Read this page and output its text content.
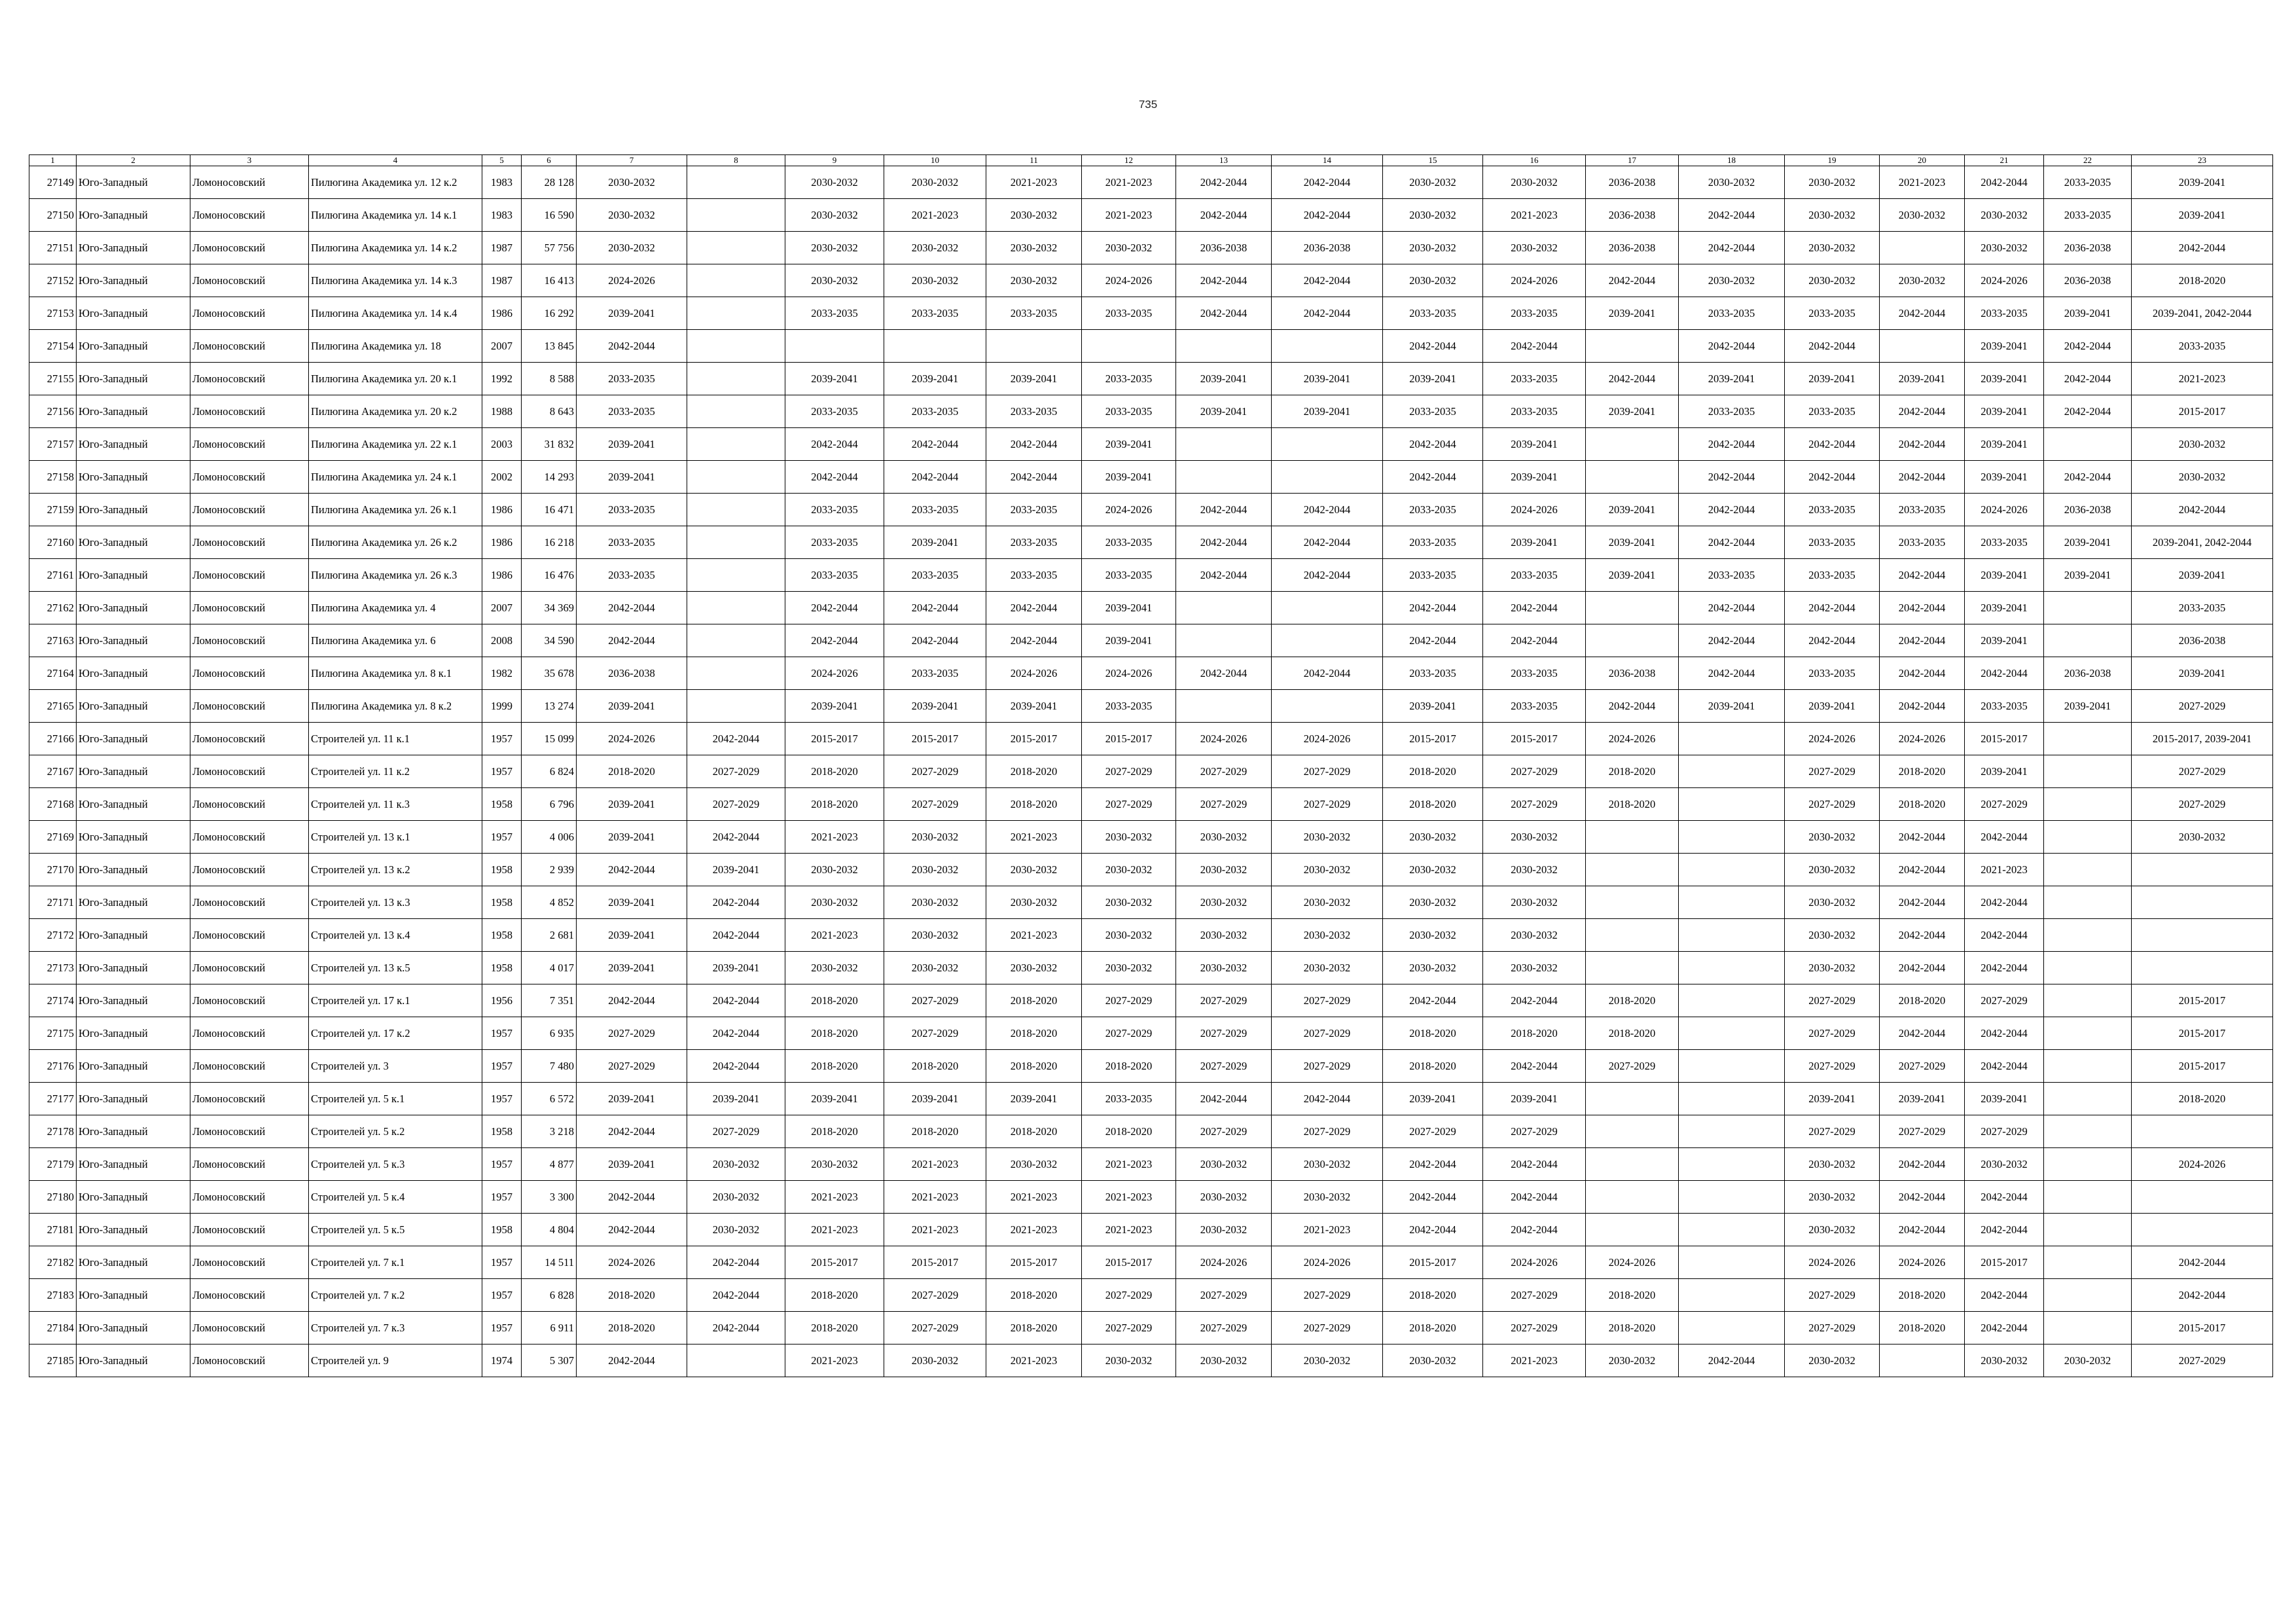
735
1	2	3	4	5	6	7	8	9	10	11	12	13	14	15	16	17	18	19	20	21	22	23
27149	Юго-Западный	Ломоносовский	Пилюгина Академика ул. 12 к.2	1983	28 128	2030-2032		2030-2032	2030-2032	2021-2023	2021-2023	2042-2044	2042-2044	2030-2032	2030-2032	2036-2038	2030-2032	2030-2032	2021-2023	2042-2044	2033-2035	2039-2041
27150	Юго-Западный	Ломоносовский	Пилюгина Академика ул. 14 к.1	1983	16 590	2030-2032		2030-2032	2021-2023	2030-2032	2021-2023	2042-2044	2042-2044	2030-2032	2021-2023	2036-2038	2042-2044	2030-2032	2030-2032	2030-2032	2033-2035	2039-2041
27151	Юго-Западный	Ломоносовский	Пилюгина Академика ул. 14 к.2	1987	57 756	2030-2032		2030-2032	2030-2032	2030-2032	2030-2032	2036-2038	2036-2038	2030-2032	2030-2032	2036-2038	2042-2044	2030-2032		2030-2032	2036-2038	2042-2044
27152	Юго-Западный	Ломоносовский	Пилюгина Академика ул. 14 к.3	1987	16 413	2024-2026		2030-2032	2030-2032	2030-2032	2024-2026	2042-2044	2042-2044	2030-2032	2024-2026	2042-2044	2030-2032	2030-2032	2030-2032	2024-2026	2036-2038	2018-2020
27153	Юго-Западный	Ломоносовский	Пилюгина Академика ул. 14 к.4	1986	16 292	2039-2041		2033-2035	2033-2035	2033-2035	2033-2035	2042-2044	2042-2044	2033-2035	2033-2035	2039-2041	2033-2035	2033-2035	2042-2044	2033-2035	2039-2041	2039-2041, 2042-2044
27154	Юго-Западный	Ломоносовский	Пилюгина Академика ул. 18	2007	13 845	2042-2044								2042-2044	2042-2044		2042-2044	2042-2044		2039-2041	2042-2044	2033-2035
27155	Юго-Западный	Ломоносовский	Пилюгина Академика ул. 20 к.1	1992	8 588	2033-2035		2039-2041	2039-2041	2039-2041	2033-2035	2039-2041	2039-2041	2039-2041	2033-2035	2042-2044	2039-2041	2039-2041	2039-2041	2039-2041	2042-2044	2021-2023
27156	Юго-Западный	Ломоносовский	Пилюгина Академика ул. 20 к.2	1988	8 643	2033-2035		2033-2035	2033-2035	2033-2035	2033-2035	2039-2041	2039-2041	2033-2035	2033-2035	2039-2041	2033-2035	2033-2035	2042-2044	2039-2041	2042-2044	2015-2017
27157	Юго-Западный	Ломоносовский	Пилюгина Академика ул. 22 к.1	2003	31 832	2039-2041		2042-2044	2042-2044	2042-2044	2039-2041			2042-2044	2039-2041		2042-2044	2042-2044	2042-2044	2039-2041		2030-2032
27158	Юго-Западный	Ломоносовский	Пилюгина Академика ул. 24 к.1	2002	14 293	2039-2041		2042-2044	2042-2044	2042-2044	2039-2041			2042-2044	2039-2041		2042-2044	2042-2044	2042-2044	2039-2041	2042-2044	2030-2032
27159	Юго-Западный	Ломоносовский	Пилюгина Академика ул. 26 к.1	1986	16 471	2033-2035		2033-2035	2033-2035	2033-2035	2024-2026	2042-2044	2042-2044	2033-2035	2024-2026	2039-2041	2042-2044	2033-2035	2033-2035	2024-2026	2036-2038	2042-2044
27160	Юго-Западный	Ломоносовский	Пилюгина Академика ул. 26 к.2	1986	16 218	2033-2035		2033-2035	2039-2041	2033-2035	2033-2035	2042-2044	2042-2044	2033-2035	2039-2041	2039-2041	2042-2044	2033-2035	2033-2035	2033-2035	2039-2041	2039-2041, 2042-2044
27161	Юго-Западный	Ломоносовский	Пилюгина Академика ул. 26 к.3	1986	16 476	2033-2035		2033-2035	2033-2035	2033-2035	2033-2035	2042-2044	2042-2044	2033-2035	2033-2035	2039-2041	2033-2035	2033-2035	2042-2044	2039-2041	2039-2041	2039-2041
27162	Юго-Западный	Ломоносовский	Пилюгина Академика ул. 4	2007	34 369	2042-2044		2042-2044	2042-2044	2042-2044	2039-2041			2042-2044	2042-2044		2042-2044	2042-2044	2042-2044	2039-2041		2033-2035
27163	Юго-Западный	Ломоносовский	Пилюгина Академика ул. 6	2008	34 590	2042-2044		2042-2044	2042-2044	2042-2044	2039-2041			2042-2044	2042-2044		2042-2044	2042-2044	2042-2044	2039-2041		2036-2038
27164	Юго-Западный	Ломоносовский	Пилюгина Академика ул. 8 к.1	1982	35 678	2036-2038		2024-2026	2033-2035	2024-2026	2024-2026	2042-2044	2042-2044	2033-2035	2033-2035	2036-2038	2042-2044	2033-2035	2042-2044	2042-2044	2036-2038	2039-2041
27165	Юго-Западный	Ломоносовский	Пилюгина Академика ул. 8 к.2	1999	13 274	2039-2041		2039-2041	2039-2041	2039-2041	2033-2035			2039-2041	2033-2035	2042-2044	2039-2041	2039-2041	2042-2044	2033-2035	2039-2041	2027-2029
27166	Юго-Западный	Ломоносовский	Строителей ул. 11 к.1	1957	15 099	2024-2026	2042-2044	2015-2017	2015-2017	2015-2017	2015-2017	2024-2026	2024-2026	2015-2017	2015-2017	2024-2026		2024-2026	2024-2026	2015-2017		2015-2017, 2039-2041
27167	Юго-Западный	Ломоносовский	Строителей ул. 11 к.2	1957	6 824	2018-2020	2027-2029	2018-2020	2027-2029	2018-2020	2027-2029	2027-2029	2027-2029	2018-2020	2027-2029	2018-2020		2027-2029	2018-2020	2039-2041		2027-2029
27168	Юго-Западный	Ломоносовский	Строителей ул. 11 к.3	1958	6 796	2039-2041	2027-2029	2018-2020	2027-2029	2018-2020	2027-2029	2027-2029	2027-2029	2018-2020	2027-2029	2018-2020		2027-2029	2018-2020	2027-2029		2027-2029
27169	Юго-Западный	Ломоносовский	Строителей ул. 13 к.1	1957	4 006	2039-2041	2042-2044	2021-2023	2030-2032	2021-2023	2030-2032	2030-2032	2030-2032	2030-2032	2030-2032			2030-2032	2042-2044	2042-2044		2030-2032
27170	Юго-Западный	Ломоносовский	Строителей ул. 13 к.2	1958	2 939	2042-2044	2039-2041	2030-2032	2030-2032	2030-2032	2030-2032	2030-2032	2030-2032	2030-2032	2030-2032			2030-2032	2042-2044	2021-2023		
27171	Юго-Западный	Ломоносовский	Строителей ул. 13 к.3	1958	4 852	2039-2041	2042-2044	2030-2032	2030-2032	2030-2032	2030-2032	2030-2032	2030-2032	2030-2032	2030-2032			2030-2032	2042-2044	2042-2044		
27172	Юго-Западный	Ломоносовский	Строителей ул. 13 к.4	1958	2 681	2039-2041	2042-2044	2021-2023	2030-2032	2021-2023	2030-2032	2030-2032	2030-2032	2030-2032	2030-2032			2030-2032	2042-2044	2042-2044		
27173	Юго-Западный	Ломоносовский	Строителей ул. 13 к.5	1958	4 017	2039-2041	2039-2041	2030-2032	2030-2032	2030-2032	2030-2032	2030-2032	2030-2032	2030-2032	2030-2032			2030-2032	2042-2044	2042-2044		
27174	Юго-Западный	Ломоносовский	Строителей ул. 17 к.1	1956	7 351	2042-2044	2042-2044	2018-2020	2027-2029	2018-2020	2027-2029	2027-2029	2027-2029	2042-2044	2042-2044	2018-2020		2027-2029	2018-2020	2027-2029		2015-2017
27175	Юго-Западный	Ломоносовский	Строителей ул. 17 к.2	1957	6 935	2027-2029	2042-2044	2018-2020	2027-2029	2018-2020	2027-2029	2027-2029	2027-2029	2018-2020	2018-2020	2018-2020		2027-2029	2042-2044	2042-2044		2015-2017
27176	Юго-Западный	Ломоносовский	Строителей ул. 3	1957	7 480	2027-2029	2042-2044	2018-2020	2018-2020	2018-2020	2018-2020	2027-2029	2027-2029	2018-2020	2042-2044	2027-2029		2027-2029	2027-2029	2042-2044		2015-2017
27177	Юго-Западный	Ломоносовский	Строителей ул. 5 к.1	1957	6 572	2039-2041	2039-2041	2039-2041	2039-2041	2039-2041	2033-2035	2042-2044	2042-2044	2039-2041	2039-2041			2039-2041	2039-2041	2039-2041		2018-2020
27178	Юго-Западный	Ломоносовский	Строителей ул. 5 к.2	1958	3 218	2042-2044	2027-2029	2018-2020	2018-2020	2018-2020	2018-2020	2027-2029	2027-2029	2027-2029	2027-2029			2027-2029	2027-2029	2027-2029		
27179	Юго-Западный	Ломоносовский	Строителей ул. 5 к.3	1957	4 877	2039-2041	2030-2032	2030-2032	2021-2023	2030-2032	2021-2023	2030-2032	2030-2032	2042-2044	2042-2044			2030-2032	2042-2044	2030-2032		2024-2026
27180	Юго-Западный	Ломоносовский	Строителей ул. 5 к.4	1957	3 300	2042-2044	2030-2032	2021-2023	2021-2023	2021-2023	2021-2023	2030-2032	2030-2032	2042-2044	2042-2044			2030-2032	2042-2044	2042-2044		
27181	Юго-Западный	Ломоносовский	Строителей ул. 5 к.5	1958	4 804	2042-2044	2030-2032	2021-2023	2021-2023	2021-2023	2021-2023	2030-2032	2021-2023	2042-2044	2042-2044			2030-2032	2042-2044	2042-2044		
27182	Юго-Западный	Ломоносовский	Строителей ул. 7 к.1	1957	14 511	2024-2026	2042-2044	2015-2017	2015-2017	2015-2017	2015-2017	2024-2026	2024-2026	2015-2017	2024-2026	2024-2026		2024-2026	2024-2026	2015-2017		2042-2044
27183	Юго-Западный	Ломоносовский	Строителей ул. 7 к.2	1957	6 828	2018-2020	2042-2044	2018-2020	2027-2029	2018-2020	2027-2029	2027-2029	2027-2029	2018-2020	2027-2029	2018-2020		2027-2029	2018-2020	2042-2044		2042-2044
27184	Юго-Западный	Ломоносовский	Строителей ул. 7 к.3	1957	6 911	2018-2020	2042-2044	2018-2020	2027-2029	2018-2020	2027-2029	2027-2029	2027-2029	2018-2020	2027-2029	2018-2020		2027-2029	2018-2020	2042-2044		2015-2017
27185	Юго-Западный	Ломоносовский	Строителей ул. 9	1974	5 307	2042-2044		2021-2023	2030-2032	2021-2023	2030-2032	2030-2032	2030-2032	2030-2032	2021-2023	2030-2032	2042-2044	2030-2032		2030-2032	2030-2032	2027-2029
